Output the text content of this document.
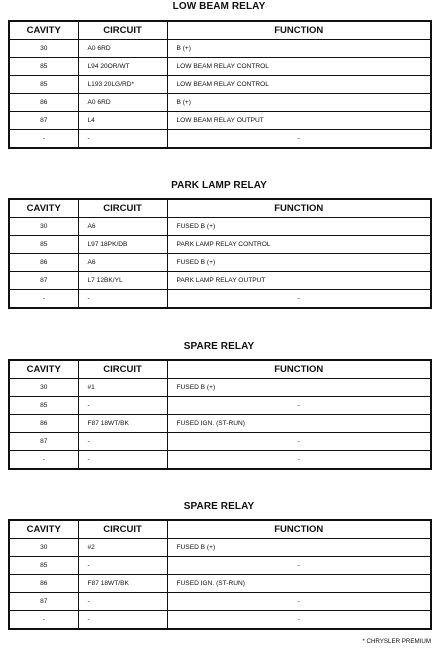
LOW BEAM RELAY
CAVITY	CIRCUIT	FUNCTION
30	A0 6RD	B (+)
85	L94 20OR/WT	LOW BEAM RELAY CONTROL
85	L193 20LG/RD*	LOW BEAM RELAY CONTROL
86	A0 6RD	B (+)
87	L4	LOW BEAM RELAY OUTPUT
-	-	-
PARK LAMP RELAY
CAVITY	CIRCUIT	FUNCTION
30	A6	FUSED B (+)
85	L97 18PK/DB	PARK LAMP RELAY CONTROL
86	A6	FUSED B (+)
87	L7 12BK/YL	PARK LAMP RELAY OUTPUT
-	-	-
SPARE RELAY
CAVITY	CIRCUIT	FUNCTION
30	#1	FUSED B (+)
85	-	-
86	F87 18WT/BK	FUSED IGN. (ST-RUN)
87	-	-
-	-	-
SPARE RELAY
CAVITY	CIRCUIT	FUNCTION
30	#2	FUSED B (+)
85	-	-
86	F87 18WT/BK	FUSED IGN. (ST-RUN)
87	-	-
-	-	-
* CHRYSLER PREMIUM
